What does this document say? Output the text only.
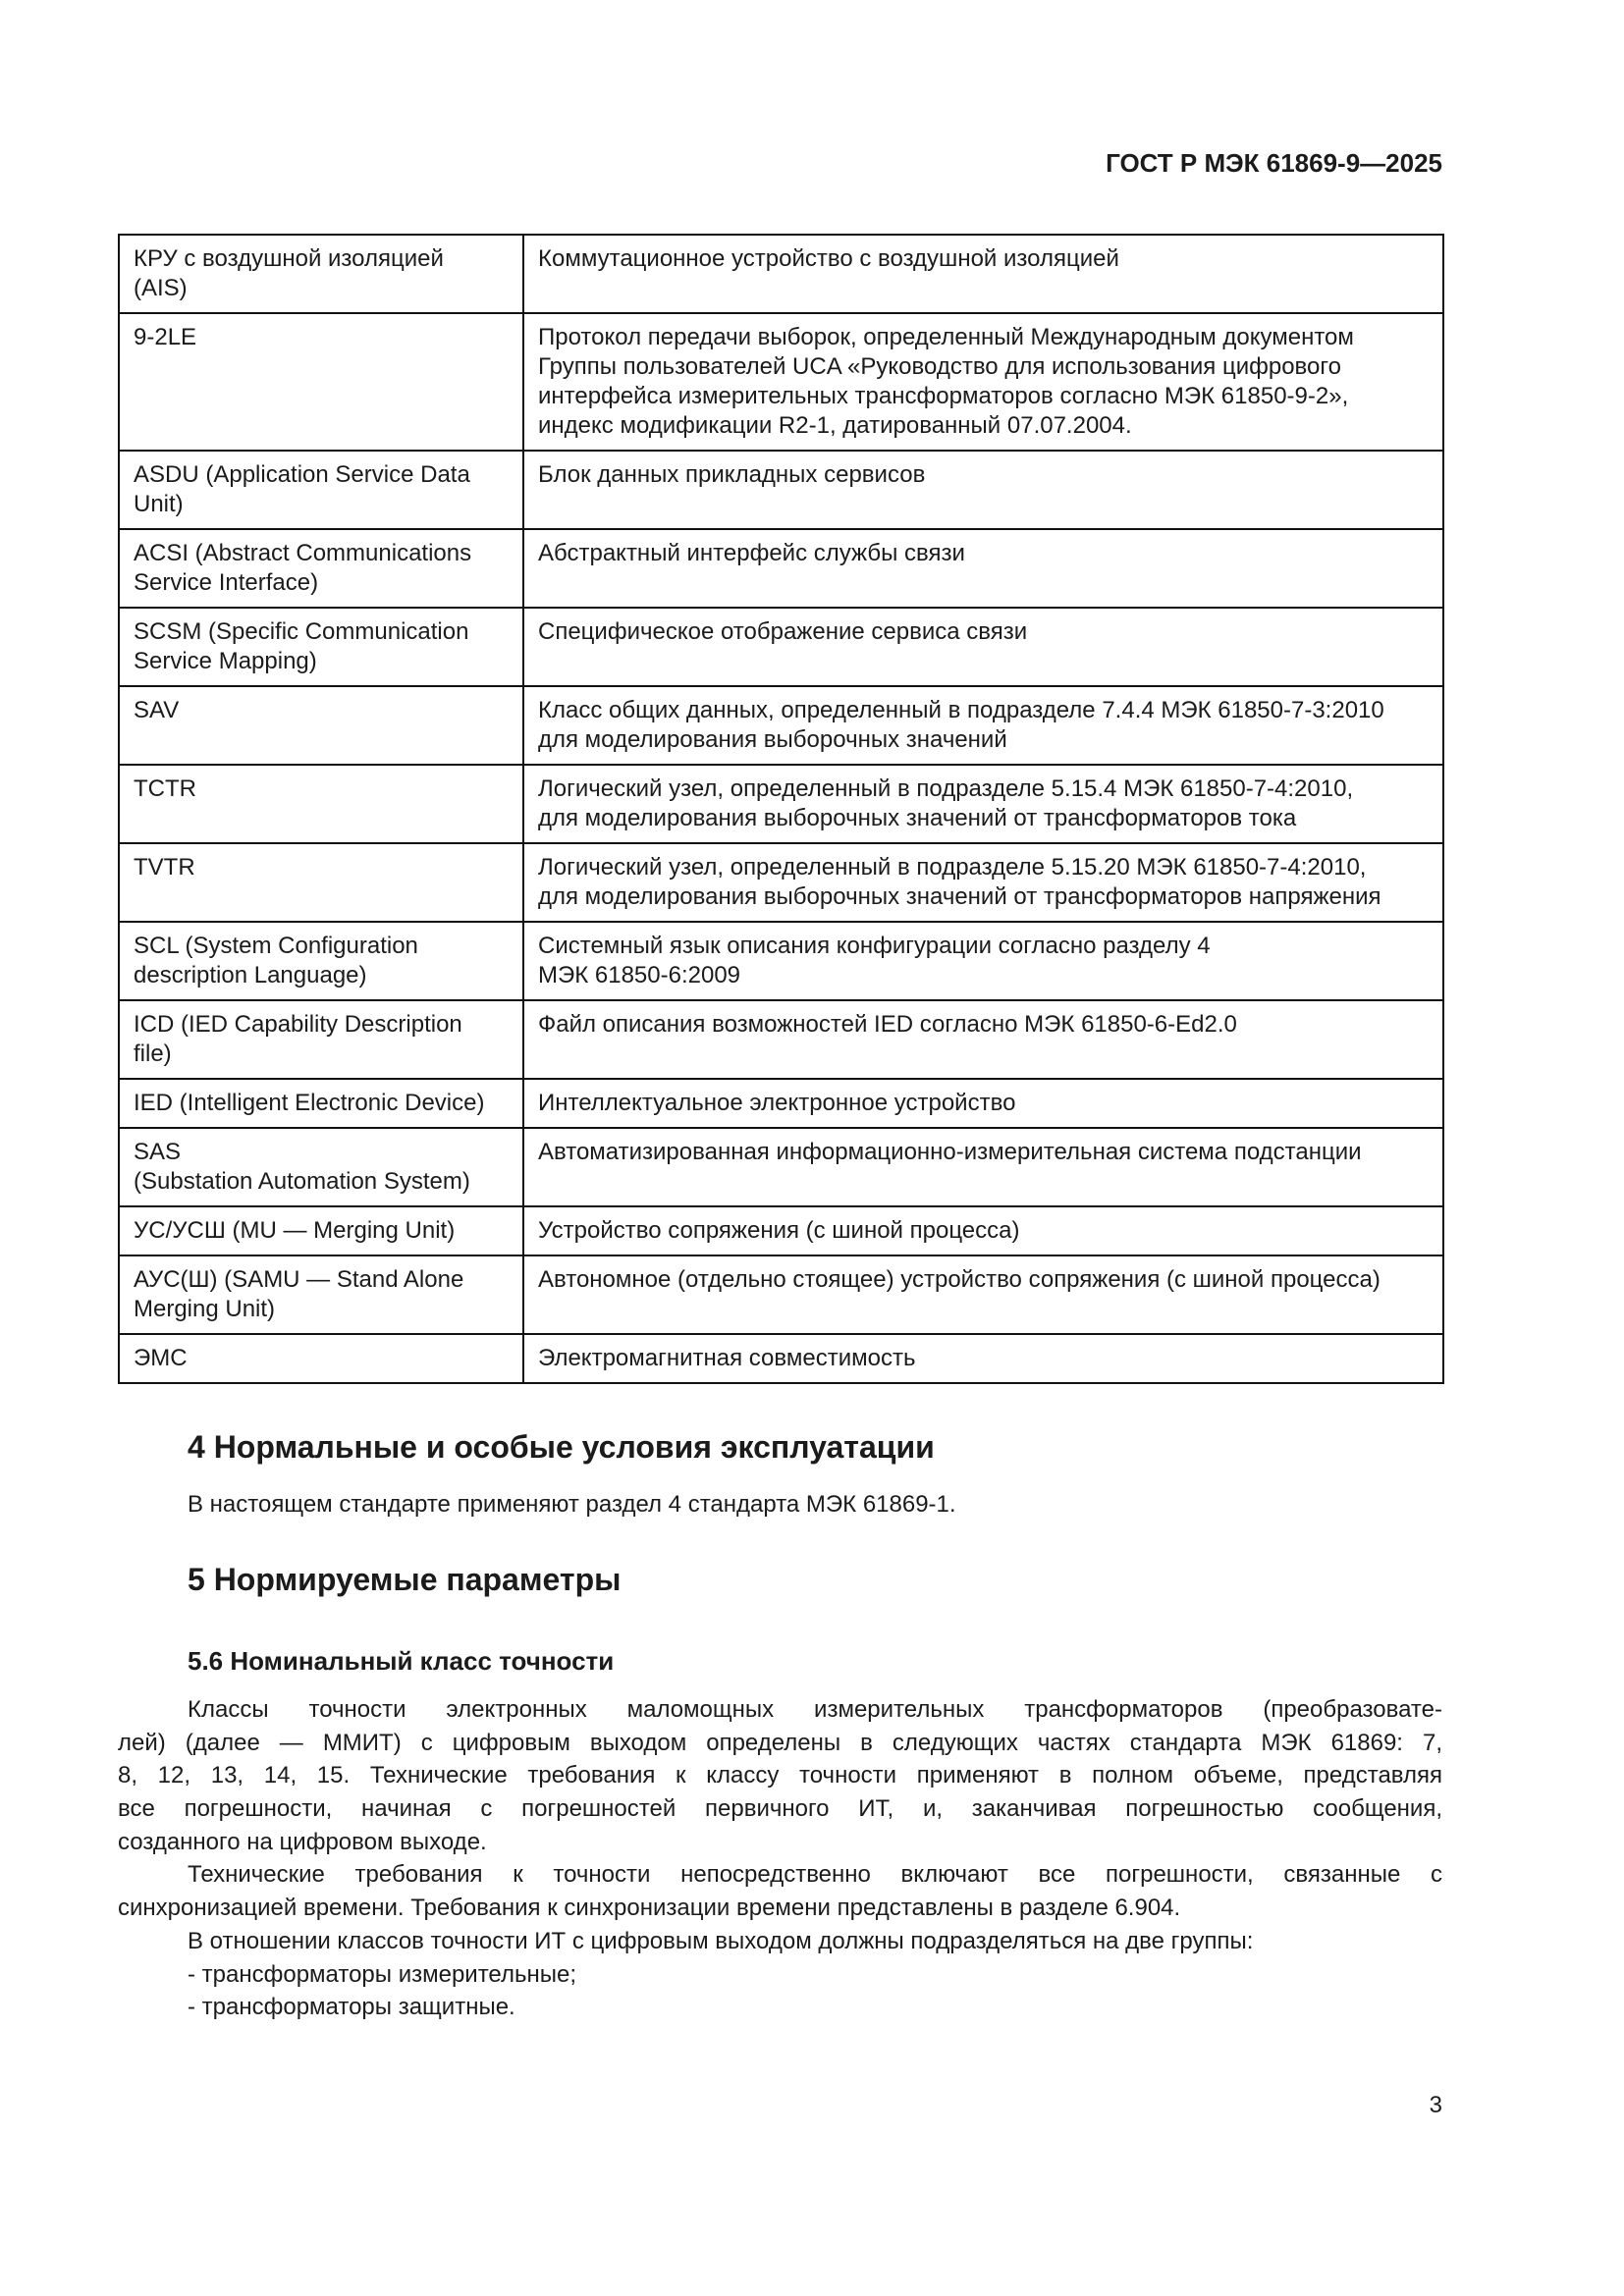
ГОСТ Р МЭК 61869-9—2025
КРУ с воздушной изоляцией
(AIS)	Коммутационное устройство с воздушной изоляцией
9-2LE	Протокол передачи выборок, определенный Международным документом
Группы пользователей UCA «Руководство для использования цифрового
интерфейса измерительных трансформаторов согласно МЭК 61850-9-2»,
индекс модификации R2-1, датированный 07.07.2004.
ASDU (Application Service Data
Unit)	Блок данных прикладных сервисов
ACSI (Abstract Communications
Service Interface)	Абстрактный интерфейс службы связи
SCSM (Specific Communication
Service Mapping)	Специфическое отображение сервиса связи
SAV	Класс общих данных, определенный в подразделе 7.4.4 МЭК 61850-7-3:2010
для моделирования выборочных значений
TCTR	Логический узел, определенный в подразделе 5.15.4 МЭК 61850-7-4:2010,
для моделирования выборочных значений от трансформаторов тока
TVTR	Логический узел, определенный в подразделе 5.15.20 МЭК 61850-7-4:2010,
для моделирования выборочных значений от трансформаторов напряжения
SCL (System Configuration
description Language)	Системный язык описания конфигурации согласно разделу 4
МЭК 61850-6:2009
ICD (IED Capability Description
file)	Файл описания возможностей IED согласно МЭК 61850-6-Ed2.0
IED (Intelligent Electronic Device)	Интеллектуальное электронное устройство
SAS
(Substation Automation System)	Автоматизированная информационно-измерительная система подстанции
УС/УСШ (MU — Merging Unit)	Устройство сопряжения (с шиной процесса)
АУС(Ш) (SAMU — Stand Alone
Merging Unit)	Автономное (отдельно стоящее) устройство сопряжения (с шиной процесса)
ЭМС	Электромагнитная совместимость
4 Нормальные и особые условия эксплуатации
В настоящем стандарте применяют раздел 4 стандарта МЭК 61869-1.
5 Нормируемые параметры
5.6 Номинальный класс точности
Классы точности электронных маломощных измерительных трансформаторов (преобразовате-
лей) (далее — ММИТ) с цифровым выходом определены в следующих частях стандарта МЭК 61869: 7,
8, 12, 13, 14, 15. Технические требования к классу точности применяют в полном объеме, представляя
все погрешности, начиная с погрешностей первичного ИТ, и, заканчивая погрешностью сообщения,
созданного на цифровом выходе.
Технические требования к точности непосредственно включают все погрешности, связанные с
синхронизацией времени. Требования к синхронизации времени представлены в разделе 6.904.
В отношении классов точности ИТ с цифровым выходом должны подразделяться на две группы:
- трансформаторы измерительные;
- трансформаторы защитные.
3
